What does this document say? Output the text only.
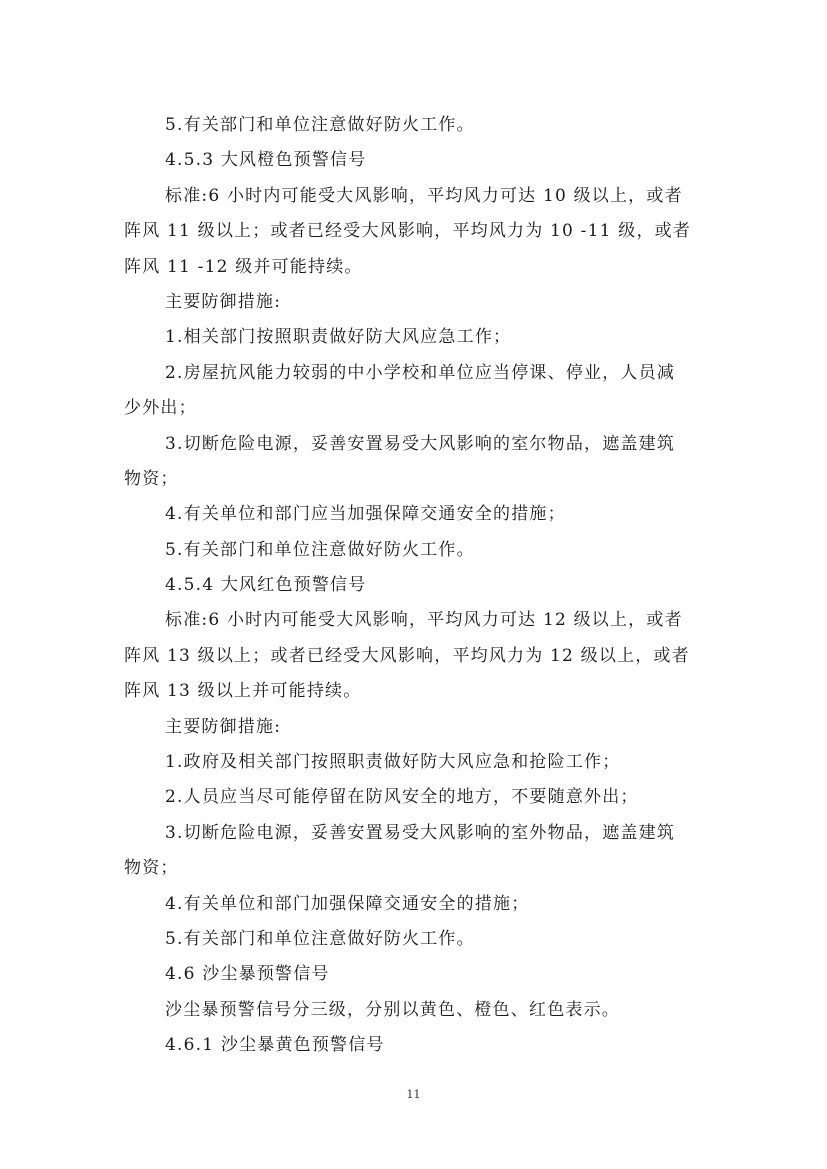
5.有关部门和单位注意做好防火工作。
4.5.3 大风橙色预警信号
标准:6 小时内可能受大风影响，平均风力可达 10 级以上，或者
阵风 11 级以上；或者已经受大风影响，平均风力为 10 -11 级，或者
阵风 11 -12 级并可能持续。
主要防御措施:
1.相关部门按照职责做好防大风应急工作；
2.房屋抗风能力较弱的中小学校和单位应当停课、停业，人员减
少外出；
3.切断危险电源，妥善安置易受大风影响的室尔物品，遮盖建筑
物资；
4.有关单位和部门应当加强保障交通安全的措施；
5.有关部门和单位注意做好防火工作。
4.5.4 大风红色预警信号
标准:6 小时内可能受大风影响，平均风力可达 12 级以上，或者
阵风 13 级以上；或者已经受大风影响，平均风力为 12 级以上，或者
阵风 13 级以上并可能持续。
主要防御措施:
1.政府及相关部门按照职责做好防大风应急和抢险工作；
2.人员应当尽可能停留在防风安全的地方，不要随意外出；
3.切断危险电源，妥善安置易受大风影响的室外物品，遮盖建筑
物资；
4.有关单位和部门加强保障交通安全的措施；
5.有关部门和单位注意做好防火工作。
4.6 沙尘暴预警信号
沙尘暴预警信号分三级，分别以黄色、橙色、红色表示。
4.6.1 沙尘暴黄色预警信号
11
